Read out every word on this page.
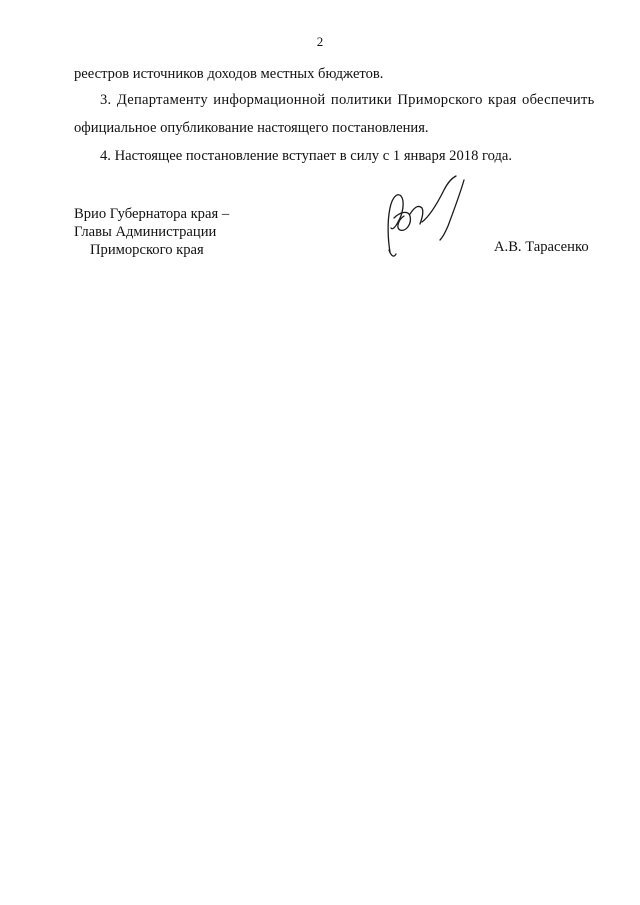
2
реестров источников доходов местных бюджетов.
3. Департаменту информационной политики Приморского края обеспечить
официальное опубликование настоящего постановления.
4. Настоящее постановление вступает в силу с 1 января 2018 года.
Врио Губернатора края –
Главы Администрации
Приморского края	А.В. Тарасенко
